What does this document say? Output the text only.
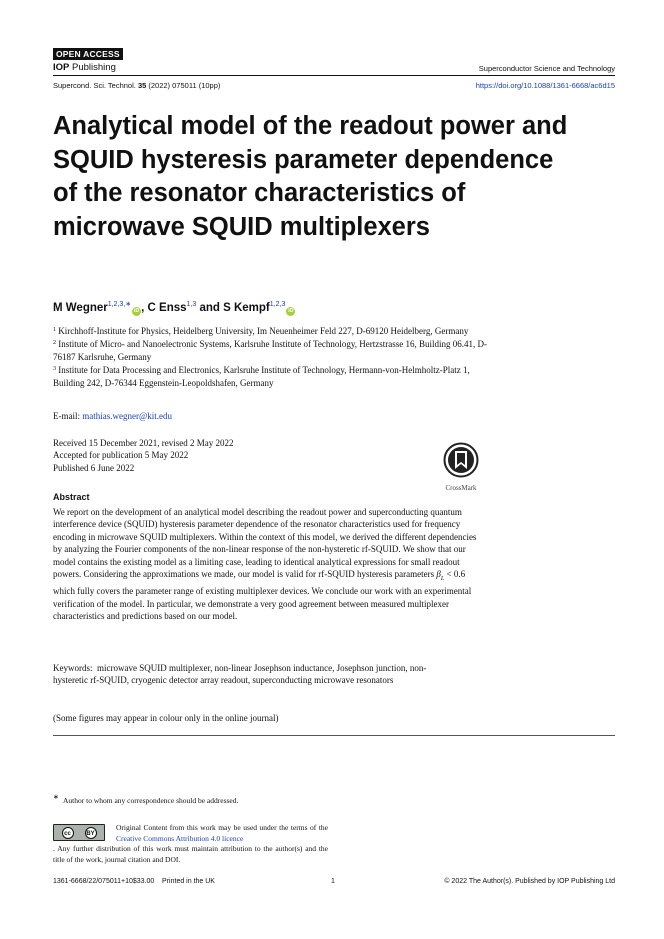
OPEN ACCESS
IOP Publishing	Superconductor Science and Technology
Supercond. Sci. Technol. 35 (2022) 075011 (10pp)	https://doi.org/10.1088/1361-6668/ac6d15
Analytical model of the readout power and SQUID hysteresis parameter dependence of the resonator characteristics of microwave SQUID multiplexers
M Wegner$^{1,2,3,∗}$iD , C Enss$^{1,3}$ and S Kempf$^{1,2,3}$iD

$^1$ Kirchhoff-Institute for Physics, Heidelberg University, Im Neuenheimer Feld 227, D-69120 Heidelberg, Germany

$^2$ Institute of Micro- and Nanoelectronic Systems, Karlsruhe Institute of Technology, Hertzstrasse 16, Building 06.41, D-76187 Karlsruhe, Germany

$^3$ Institute for Data Processing and Electronics, Karlsruhe Institute of Technology, Hermann-von-Helmholtz-Platz 1, Building 242, D-76344 Eggenstein-Leopoldshafen, Germany

E-mail: mathias.wegner@kit.edu

Received 15 December 2021, revised 2 May 2022

Accepted for publication 5 May 2022

Published 6 June 2022

CrossMark
Abstract

We report on the development of an analytical model describing the readout power and superconducting quantum interference device (SQUID) hysteresis parameter dependence of the resonator characteristics used for frequency encoding in microwave SQUID multiplexers. Within the context of this model, we derived the different dependencies by analyzing the Fourier components of the non-linear response of the non-hysteretic rf-SQUID. We show that our model contains the existing model as a limiting case, leading to identical analytical expressions for small readout powers. Considering the approximations we made, our model is valid for rf-SQUID hysteresis parameters $\beta_L < 0.6$ which fully covers the parameter range of existing multiplexer devices. We conclude our work with an experimental verification of the model. In particular, we demonstrate a very good agreement between measured multiplexer characteristics and predictions based on our model.

Keywords: microwave SQUID multiplexer, non-linear Josephson inductance, Josephson junction, non-hysteretic rf-SQUID, cryogenic detector array readout, superconducting microwave resonators
(Some figures may appear in colour only in the online journal)
∗ Author to whom any correspondence should be addressed.
cc	BY
Original Content from this work may be used under the terms of the Creative Commons Attribution 4.0 licence
. Any further distribution of this work must maintain attribution to the author(s) and the title of the work, journal citation and DOI.
1361-6668/22/075011+10$33.00    Printed in the UK	1	© 2022 The Author(s). Published by IOP Publishing Ltd
